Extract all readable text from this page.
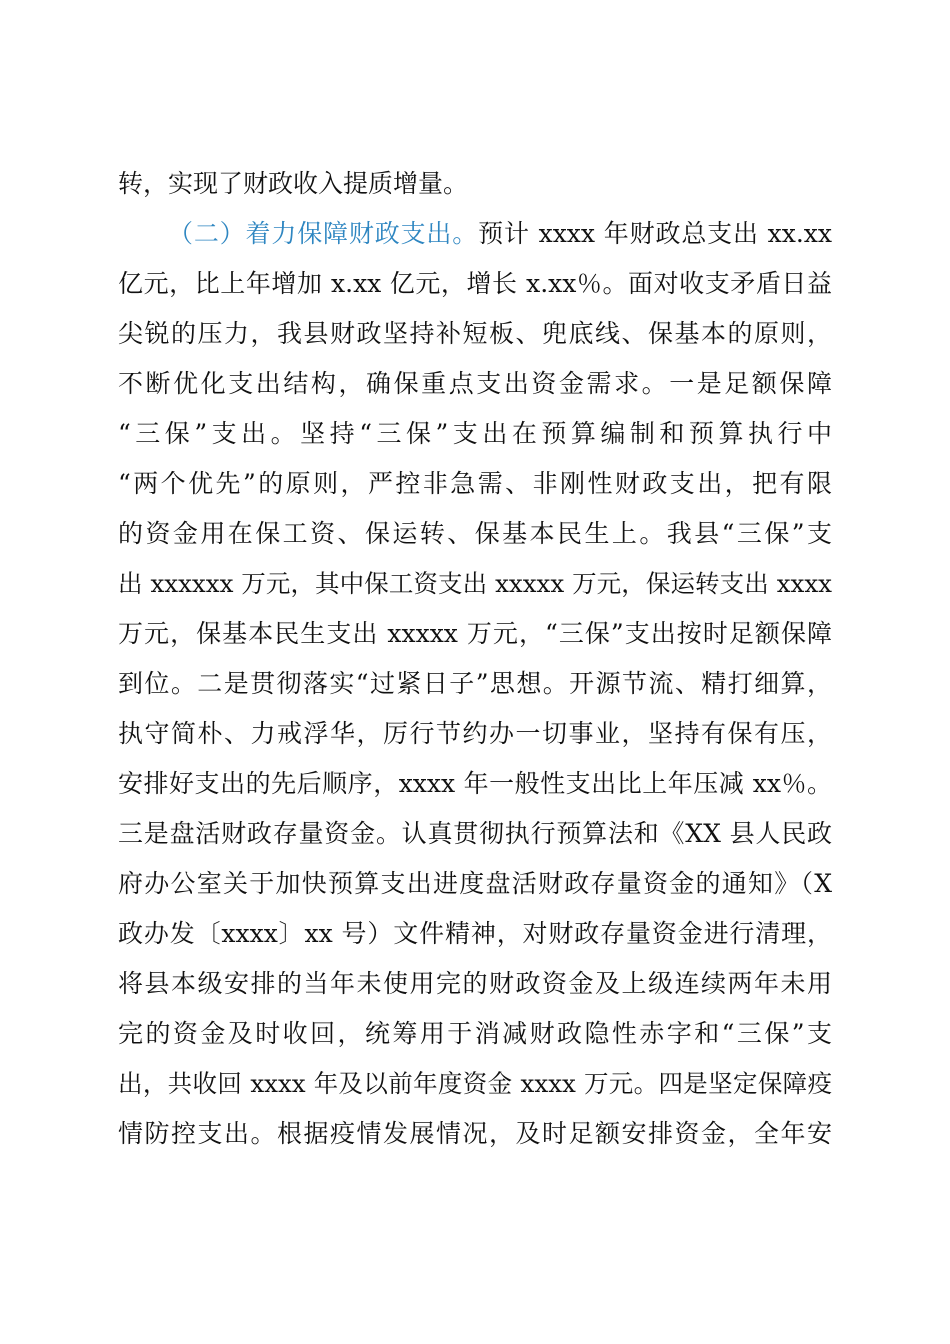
转，实现了财政收入提质增量。
（二）着力保障财政支出。预计 xxxx 年财政总支出 xx.xx
亿元，比上年增加 x.xx 亿元，增长 x.xx％。面对收支矛盾日益
尖锐的压力，我县财政坚持补短板、兜底线、保基本的原则，
不断优化支出结构，确保重点支出资金需求。一是足额保障
“三保”支出。坚持“三保”支出在预算编制和预算执行中
“两个优先”的原则，严控非急需、非刚性财政支出，把有限
的资金用在保工资、保运转、保基本民生上。我县“三保”支
出 xxxxxx 万元，其中保工资支出 xxxxx 万元，保运转支出 xxxx
万元，保基本民生支出 xxxxx 万元，“三保”支出按时足额保障
到位。二是贯彻落实“过紧日子”思想。开源节流、精打细算，
执守简朴、力戒浮华，厉行节约办一切事业，坚持有保有压，
安排好支出的先后顺序，xxxx 年一般性支出比上年压减 xx％。
三是盘活财政存量资金。认真贯彻执行预算法和《XX 县人民政
府办公室关于加快预算支出进度盘活财政存量资金的通知》（X
政办发〔xxxx〕xx 号）文件精神，对财政存量资金进行清理，
将县本级安排的当年未使用完的财政资金及上级连续两年未用
完的资金及时收回，统筹用于消减财政隐性赤字和“三保”支
出，共收回 xxxx 年及以前年度资金 xxxx 万元。四是坚定保障疫
情防控支出。根据疫情发展情况，及时足额安排资金，全年安
